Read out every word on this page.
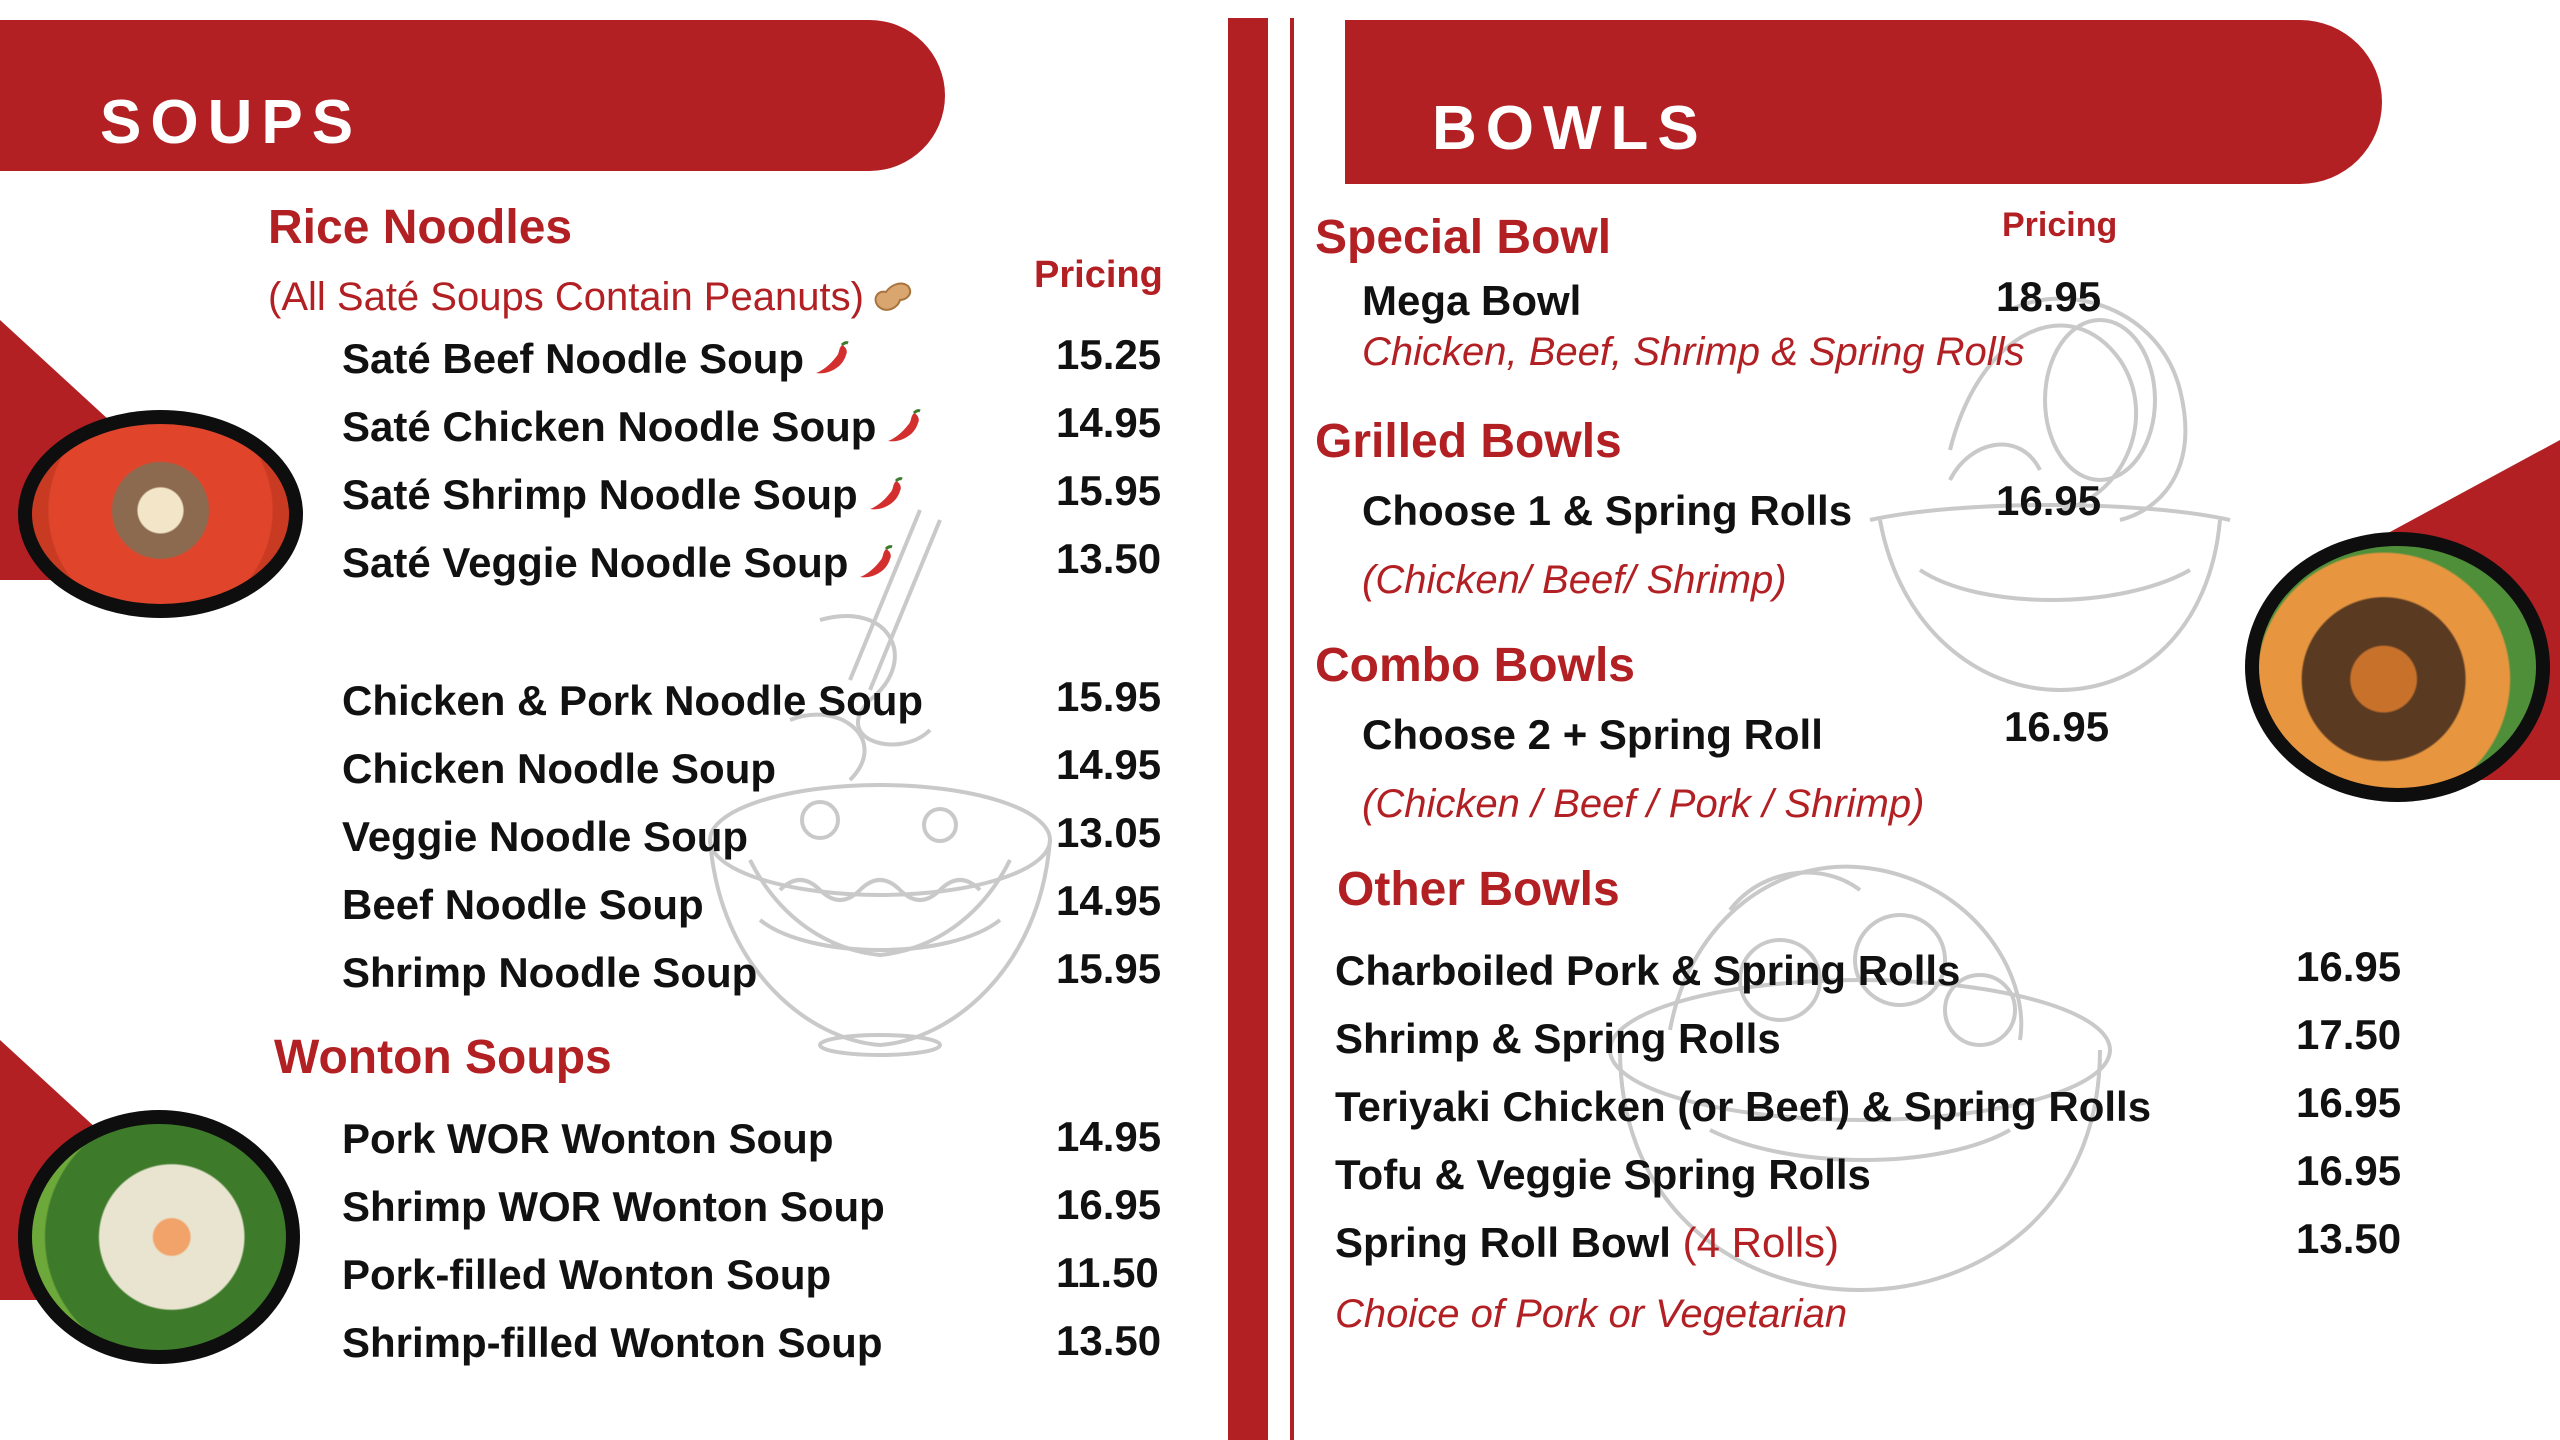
SOUPS	BOWLS
Rice Noodles
(All Saté Soups Contain Peanuts)	Pricing
Saté Beef Noodle Soup	15.25
Saté Chicken Noodle Soup	14.95
Saté Shrimp Noodle Soup	15.95
Saté Veggie Noodle Soup	13.50
Chicken & Pork Noodle Soup	15.95
Chicken Noodle Soup	14.95
Veggie Noodle Soup	13.05
Beef Noodle Soup	14.95
Shrimp Noodle Soup	15.95
Wonton Soups
Pork WOR Wonton Soup	14.95
Shrimp WOR Wonton Soup	16.95
Pork-filled Wonton Soup	11.50
Shrimp-filled Wonton Soup	13.50
Pricing
Special Bowl
Mega Bowl	18.95
Chicken, Beef, Shrimp & Spring Rolls
Grilled Bowls
Choose 1 & Spring Rolls	16.95
(Chicken/ Beef/ Shrimp)
Combo Bowls
Choose 2 + Spring Roll	16.95
(Chicken / Beef / Pork / Shrimp)
Other Bowls
Charboiled Pork & Spring Rolls	16.95
Shrimp & Spring Rolls	17.50
Teriyaki Chicken (or Beef) & Spring Rolls	16.95
Tofu & Veggie Spring Rolls	16.95
Spring Roll Bowl (4 Rolls)	13.50
Choice of Pork or Vegetarian
